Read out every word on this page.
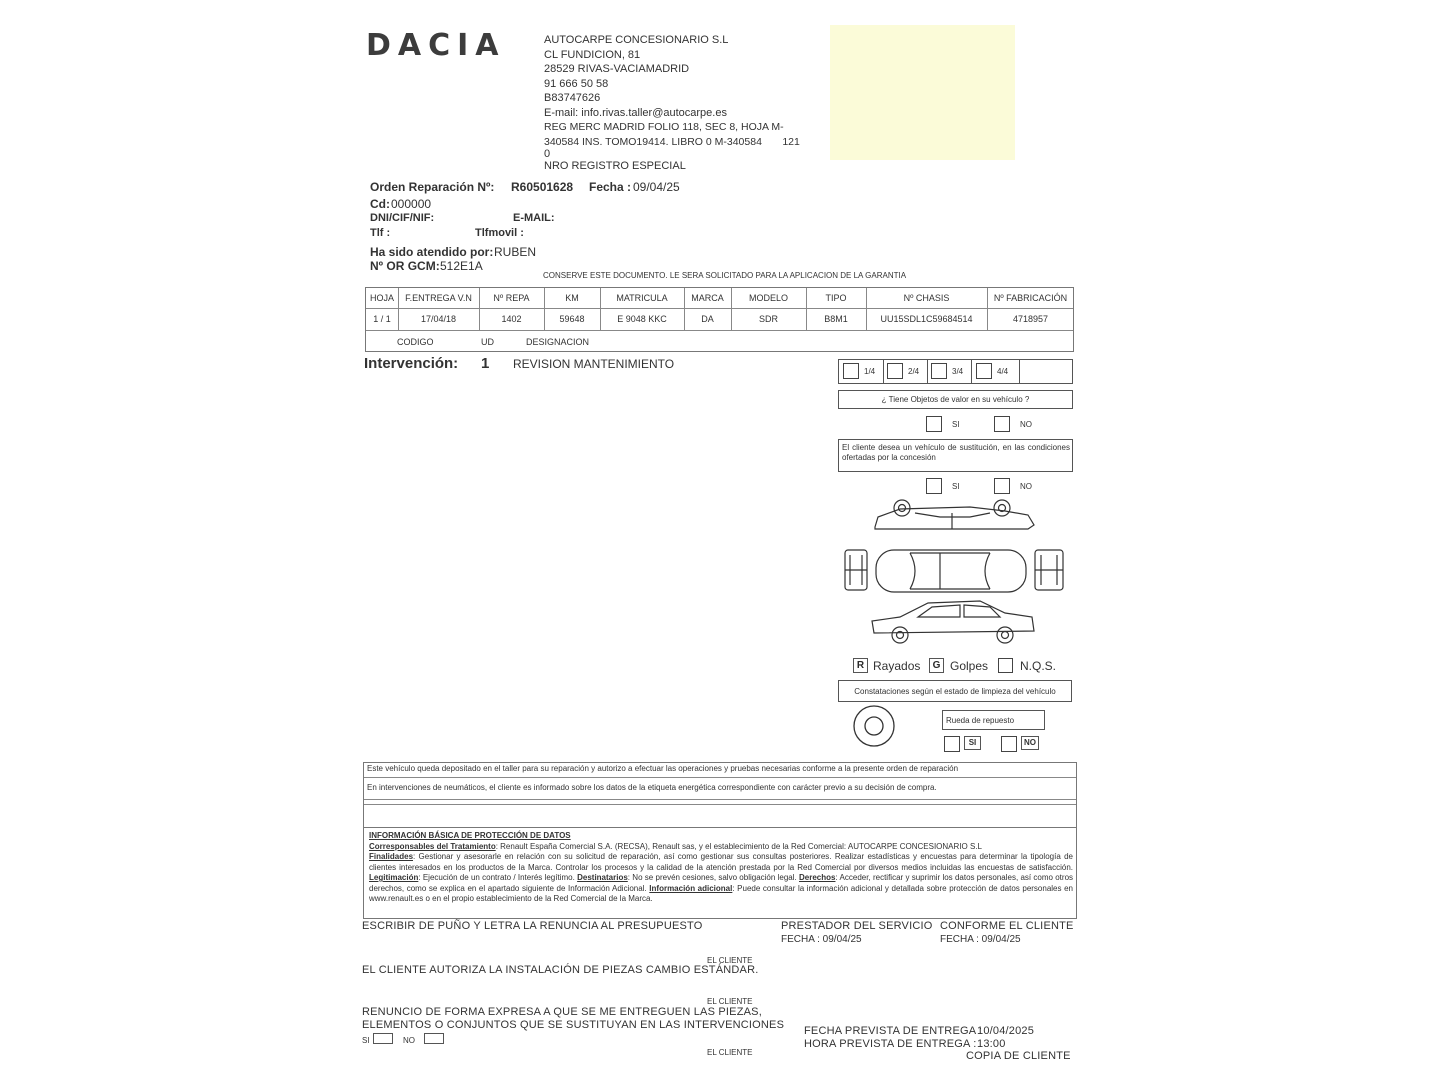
DACIA	AUTOCARPE CONCESIONARIO S.L
CL FUNDICION, 81
28529 RIVAS-VACIAMADRID
91 666 50 58
B83747626
E-mail: info.rivas.taller@autocarpe.es
REG MERC MADRID FOLIO 118, SEC 8, HOJA M-
340584 INS. TOMO19414. LIBRO 0 M-340584       121
0
NRO REGISTRO ESPECIAL
Orden Reparación Nº: R60501628 Fecha : 09/04/25
Cd: 000000
DNI/CIF/NIF:	E-MAIL:
Tlf :	Tlfmovil :
Ha sido atendido por: RUBEN
Nº OR GCM: 512E1A
CONSERVE ESTE DOCUMENTO. LE SERA SOLICITADO PARA LA APLICACION DE LA GARANTIA
HOJA	F.ENTREGA V.N	Nº REPA	KM	MATRICULA	MARCA	MODELO	TIPO	Nº CHASIS	Nº FABRICACIÓN
1 / 1	17/04/18	1402	59648	E 9048 KKC	DA	SDR	B8M1	UU15SDL1C59684514	4718957
CODIGO	UD	DESIGNACION
Intervención: 1 REVISION MANTENIMIENTO
1/4	2/4	3/4	4/4
¿ Tiene Objetos de valor en su vehículo ?
SI	NO
El cliente desea un vehículo de sustitución, en las condiciones ofertadas por la concesión
SI	NO
R Rayados	G Golpes	N.Q.S.
Constataciones según el estado de limpieza del vehículo
Rueda de repuesto
SI	NO
Este vehículo queda depositado en el taller para su reparación y autorizo a efectuar las operaciones y pruebas necesarias conforme a la presente orden de reparación
En intervenciones de neumáticos, el cliente es informado sobre los datos de la etiqueta energética correspondiente con carácter previo a su decisión de compra.
INFORMACIÓN BÁSICA DE PROTECCIÓN DE DATOS
Corresponsables del Tratamiento: Renault España Comercial S.A. (RECSA), Renault sas, y el establecimiento de la Red Comercial: AUTOCARPE CONCESIONARIO S.L
Finalidades: Gestionar y asesorarle en relación con su solicitud de reparación, así como gestionar sus consultas posteriores. Realizar estadísticas y encuestas para determinar la tipología de clientes interesados en los productos de la Marca. Controlar los procesos y la calidad de la atención prestada por la Red Comercial por diversos medios incluidas las encuestas de satisfacción. Legitimación: Ejecución de un contrato / Interés legítimo. Destinatarios: No se prevén cesiones, salvo obligación legal. Derechos: Acceder, rectificar y suprimir los datos personales, así como otros derechos, como se explica en el apartado siguiente de Información Adicional. Información adicional: Puede consultar la información adicional y detallada sobre protección de datos personales en www.renault.es o en el propio establecimiento de la Red Comercial de la Marca.
ESCRIBIR DE PUÑO Y LETRA LA RENUNCIA AL PRESUPUESTO	PRESTADOR DEL SERVICIO
FECHA : 09/04/25
CONFORME EL CLIENTE
FECHA : 09/04/25
EL CLIENTE
EL CLIENTE AUTORIZA LA INSTALACIÓN DE PIEZAS CAMBIO ESTÁNDAR.
EL CLIENTE
RENUNCIO DE FORMA EXPRESA A QUE SE ME ENTREGUEN LAS PIEZAS,
ELEMENTOS O CONJUNTOS QUE SE SUSTITUYAN EN LAS INTERVENCIONES
SI	NO
FECHA PREVISTA DE ENTREGA :
10/04/2025
HORA PREVISTA DE ENTREGA : 13:00
EL CLIENTE	COPIA DE CLIENTE
